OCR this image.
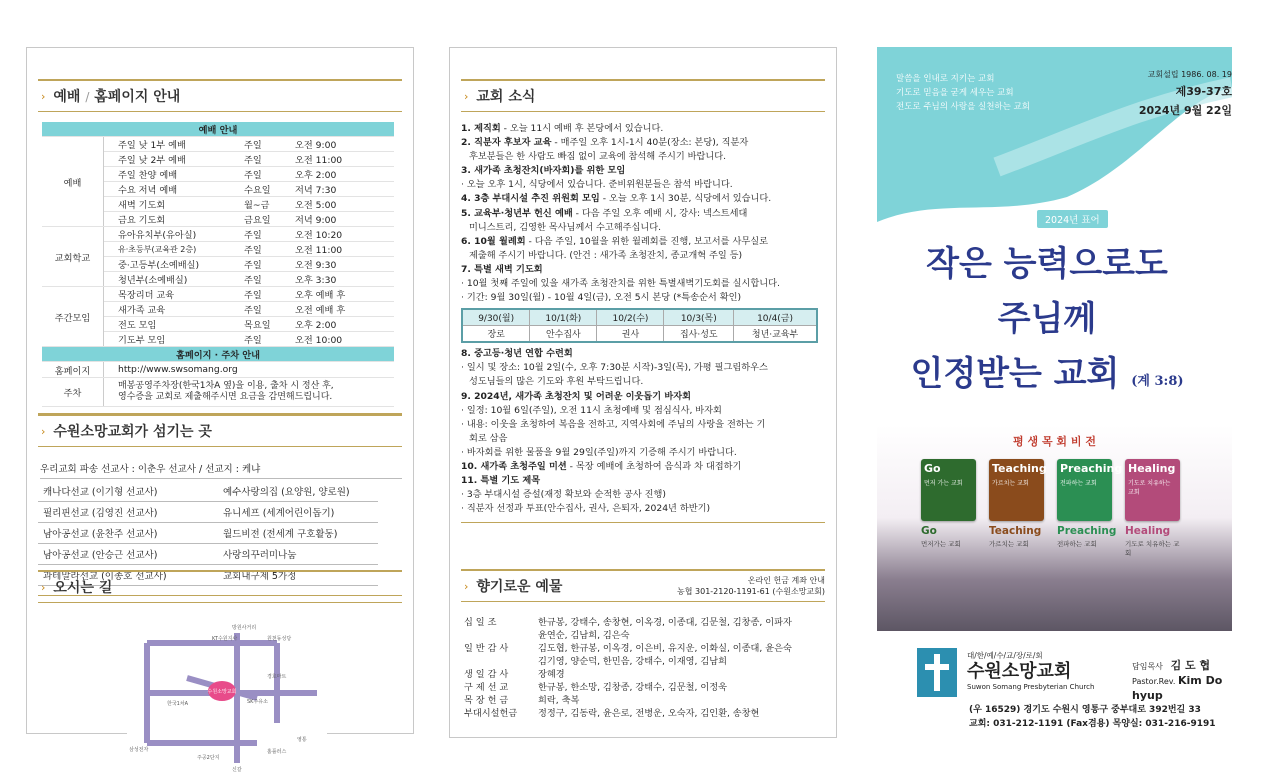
› 예배 / 홈페이지 안내
예배 안내			
예배	주일 낮 1부 예배	주일	오전 9:00
	주일 낮 2부 예배	주일	오전 11:00
	주일 찬양 예배	주일	오후 2:00
	수요 저녁 예배	수요일	저녁 7:30
	새벽 기도회	월~금	오전 5:00
	금요 기도회	금요일	저녁 9:00
교회학교	유아유치부(유아실)	주일	오전 10:20
	유·초등부(교육관 2층)	주일	오전 11:00
	중·고등부(소예배실)	주일	오전 9:30
	청년부(소예배실)	주일	오후 3:30
주간모임	목장리더 교육	주일	오후 예배 후
	새가족 교육	주일	오전 예배 후
	전도 모임	목요일	오후 2:00
	기도부 모임	주일	오전 10:00
홈페이지 · 주차 안내	
홈페이지	http://www.swsomang.org
주차	매봉공영주차장(한국1차A 옆)을 이용, 출차 시 정산 후,
영수증을 교회로 제출해주시면 요금을 감면해드립니다.
› 수원소망교회가 섬기는 곳
우리교회 파송 선교사 : 이춘우 선교사 / 선교지 : 케냐
캐나다선교 (이기형 선교사)	예수사랑의집 (요양원, 양로원)
필리핀선교 (김영진 선교사)	유니세프 (세계어린이돕기)
남아공선교 (윤찬주 선교사)	월드비전 (전세계 구호활동)
남아공선교 (안승근 선교사)	사랑의꾸러미나눔
과테말라선교 (이종호 선교사)	교회내구제 5가정
› 오시는 길
수원소망교회
방원사거리
KT수원지사	원천동성당
한국1차A	SK주유소
경호마트
삼성전자
주공2단지
신갈
홈플러스
영통
› 교회 소식
1. 제직회 - 오늘 11시 예배 후 본당에서 있습니다.
2. 직분자 후보자 교육 - 매주일 오후 1시-1시 40분(장소: 본당), 직분자
후보분들은 한 사람도 빠짐 없이 교육에 참석해 주시기 바랍니다.
3. 새가족 초청잔치(바자회)를 위한 모임
· 오늘 오후 1시, 식당에서 있습니다. 준비위원분들은 참석 바랍니다.
4. 3층 부대시설 추진 위원회 모임 - 오늘 오후 1시 30분, 식당에서 있습니다.
5. 교육부·청년부 헌신 예배 - 다음 주일 오후 예배 시, 강사: 넥스트세대
미니스트리, 김영한 목사님께서 수고해주십니다.
6. 10월 월례회 - 다음 주일, 10월을 위한 월례회를 진행, 보고서를 사무실로
제출해 주시기 바랍니다. (안건 : 새가족 초청잔치, 종교개혁 주일 등)
7. 특별 새벽 기도회
· 10월 첫째 주일에 있을 새가족 초청잔치를 위한 특별새벽기도회를 실시합니다.
· 기간: 9월 30일(월) - 10월 4일(금), 오전 5시 본당 (*특송순서 확인)
9/30(월)	10/1(화)	10/2(수)	10/3(목)	10/4(금)
장로	안수집사	권사	집사·성도	청년·교육부
8. 중고등·청년 연합 수련회
· 일시 및 장소: 10월 2일(수, 오후 7:30분 시작)-3일(목), 가평 필그림하우스
성도님들의 많은 기도와 후원 부탁드립니다.
9. 2024년, 새가족 초청잔치 및 어려운 이웃돕기 바자회
· 일정: 10월 6일(주일), 오전 11시 초청예배 및 점심식사, 바자회
· 내용: 이웃을 초청하여 복음을 전하고, 지역사회에 주님의 사랑을 전하는 기
회로 삼음
· 바자회를 위한 물품을 9월 29일(주일)까지 기증해 주시기 바랍니다.
10. 새가족 초청주일 미션 - 목장 예배에 초청하여 음식과 차 대접하기
11. 특별 기도 제목
· 3층 부대시설 증설(재정 확보와 순적한 공사 진행)
· 직분자 선정과 투표(안수집사, 권사, 은퇴자, 2024년 하반기)
› 향기로운 예물	온라인 헌금 계좌 안내
농협 301-2120-1191-61 (수원소망교회)
십 일 조	한규봉, 강태수, 송창현, 이옥경, 이종대, 김문철, 김창종, 이파자
	윤연순, 김남희, 김은숙
일 반 감 사	김도협, 한규봉, 이옥경, 이은비, 유지운, 이화실, 이종대, 윤은숙
	김기영, 양순덕, 한민음, 강태수, 이재영, 김남희
생 일 감 사	장혜경
구 제 선 교	한규봉, 한소망, 김창종, 강태수, 김문철, 이정욱
목 장 헌 금	희락, 축복
부대시설헌금	정정구, 김동락, 윤은로, 전병운, 오숙자, 김인환, 송창현
말씀을 인내로 지키는 교회
기도로 믿음을 굳게 세우는 교회
전도로 주님의 사랑을 실천하는 교회
교회설립 1986. 08. 19
제39-37호
2024년 9월 22일
2024년 표어
작은 능력으로도
주님께
인정받는 교회 (계 3:8)
평 생 목 회 비 전
Go
먼저 가는 교회
Teaching
가르치는 교회
Preaching
전파하는 교회
Healing
기도로 치유하는 교회
Go	Teaching	Preaching Healing
먼저가는 교회	가르치는 교회	전파하는 교회	기도로 치유하는 교회
대/한/예/수/교/장/로/회
수원소망교회
Suwon Somang Presbyterian Church
담임목사 김 도 협
Pastor.Rev. Kim Do hyup
(우 16529) 경기도 수원시 영통구 중부대로 392번길 33
교회: 031-212-1191 (Fax겸용) 목양실: 031-216-9191
